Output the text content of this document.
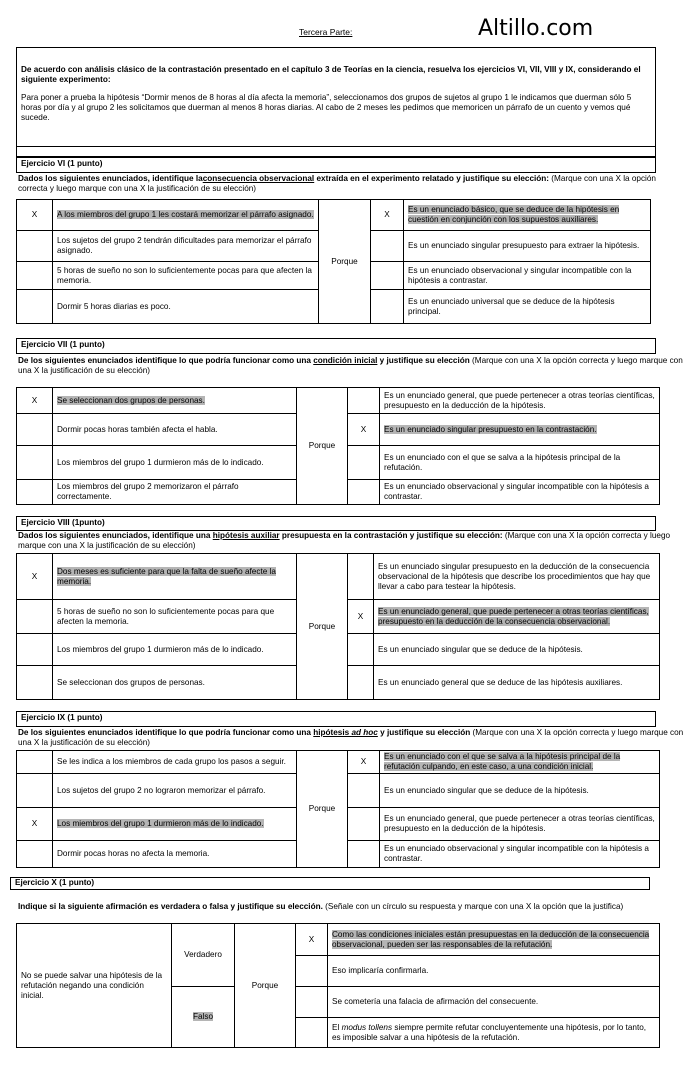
Tercera Parte:	Altillo.com

De acuerdo con análisis clásico de la contrastación presentado en el capítulo 3 de Teorías en la ciencia, resuelva los ejercicios VI, VII, VIII y IX, considerando el siguiente experimento:

Para poner a prueba la hipótesis “Dormir menos de 8 horas al día afecta la memoria”, seleccionamos dos grupos de sujetos al grupo 1 le indicamos que duerman sólo 5 horas por día y al grupo 2 les solicitamos que duerman al menos 8 horas diarias. Al cabo de 2 meses les pedimos que memoricen un párrafo de un cuento y vemos qué sucede.

Ejercicio VI (1 punto)
Dados los siguientes enunciados, identifique laconsecuencia observacional extraída en el experimento relatado y justifique su elección: (Marque con una X la opción correcta y luego marque con una X la justificación de su elección)
X	A los miembros del grupo 1 les costará memorizar el párrafo asignado.	Porque	X	Es un enunciado básico, que se deduce de la hipótesis en cuestión en conjunción con los supuestos auxiliares.
	Los sujetos del grupo 2 tendrán dificultades para memorizar el párrafo asignado.			Es un enunciado singular presupuesto para extraer la hipótesis.
	5 horas de sueño no son lo suficientemente pocas para que afecten la memoria.			Es un enunciado observacional y singular incompatible con la hipótesis a contrastar.
	Dormir 5 horas diarias es poco.			Es un enunciado universal que se deduce de la hipótesis principal.
Ejercicio VII (1 punto)
De los siguientes enunciados identifique lo que podría funcionar como una condición inicial y justifique su elección (Marque con una X la opción correcta y luego marque con una X la justificación de su elección)
X	Se seleccionan dos grupos de personas.	Porque		Es un enunciado general, que puede pertenecer a otras teorías científicas, presupuesto en la deducción de la hipótesis.
	Dormir pocas horas también afecta el habla.		X	Es un enunciado singular presupuesto en la contrastación.
	Los miembros del grupo 1 durmieron más de lo indicado.			Es un enunciado con el que se salva a la hipótesis principal de la refutación.
	Los miembros del grupo 2 memorizaron el párrafo correctamente.			Es un enunciado observacional y singular incompatible con la hipótesis a contrastar.
Ejercicio VIII (1punto)
Dados los siguientes enunciados, identifique una hipótesis auxiliar presupuesta en la contrastación y justifique su elección: (Marque con una X la opción correcta y luego marque con una X la justificación de su elección)
X	Dos meses es suficiente para que la falta de sueño afecte la memoria.	Porque		Es un enunciado singular presupuesto en la deducción de la consecuencia observacional de la hipótesis que describe los procedimientos que hay que llevar a cabo para testear la hipótesis.
	5 horas de sueño no son lo suficientemente pocas para que afecten la memoria.		X	Es un enunciado general, que puede pertenecer a otras teorías científicas, presupuesto en la deducción de la consecuencia observacional.
	Los miembros del grupo 1 durmieron más de lo indicado.			Es un enunciado singular que se deduce de la hipótesis.
	Se seleccionan dos grupos de personas.			Es un enunciado general que se deduce de las hipótesis auxiliares.
Ejercicio IX (1 punto)
De los siguientes enunciados identifique lo que podría funcionar como una hipótesis ad hoc y justifique su elección (Marque con una X la opción correcta y luego marque con una X la justificación de su elección)
	Se les indica a los miembros de cada grupo los pasos a seguir.	Porque	X	Es un enunciado con el que se salva a la hipótesis principal de la refutación culpando, en este caso, a una condición inicial.
	Los sujetos del grupo 2 no lograron memorizar el párrafo.			Es un enunciado singular que se deduce de la hipótesis.
X	Los miembros del grupo 1 durmieron más de lo indicado.			Es un enunciado general, que puede pertenecer a otras teorías científicas, presupuesto en la deducción de la hipótesis.
	Dormir pocas horas no afecta la memoria.			Es un enunciado observacional y singular incompatible con la hipótesis a contrastar.
Ejercicio X (1 punto)
Indique si la siguiente afirmación es verdadera o falsa y justifique su elección. (Señale con un círculo su respuesta y marque con una X la opción que la justifica)
No se puede salvar una hipótesis de la refutación negando una condición inicial.	Verdadero	Porque	X	Como las condiciones iniciales están presupuestas en la deducción de la consecuencia observacional, pueden ser las responsables de la refutación.
				Eso implicaría confirmarla.
	Falso			Se cometería una falacia de afirmación del consecuente.
				El modus tollens siempre permite refutar concluyentemente una hipótesis, por lo tanto, es imposible salvar a una hipótesis de la refutación.
